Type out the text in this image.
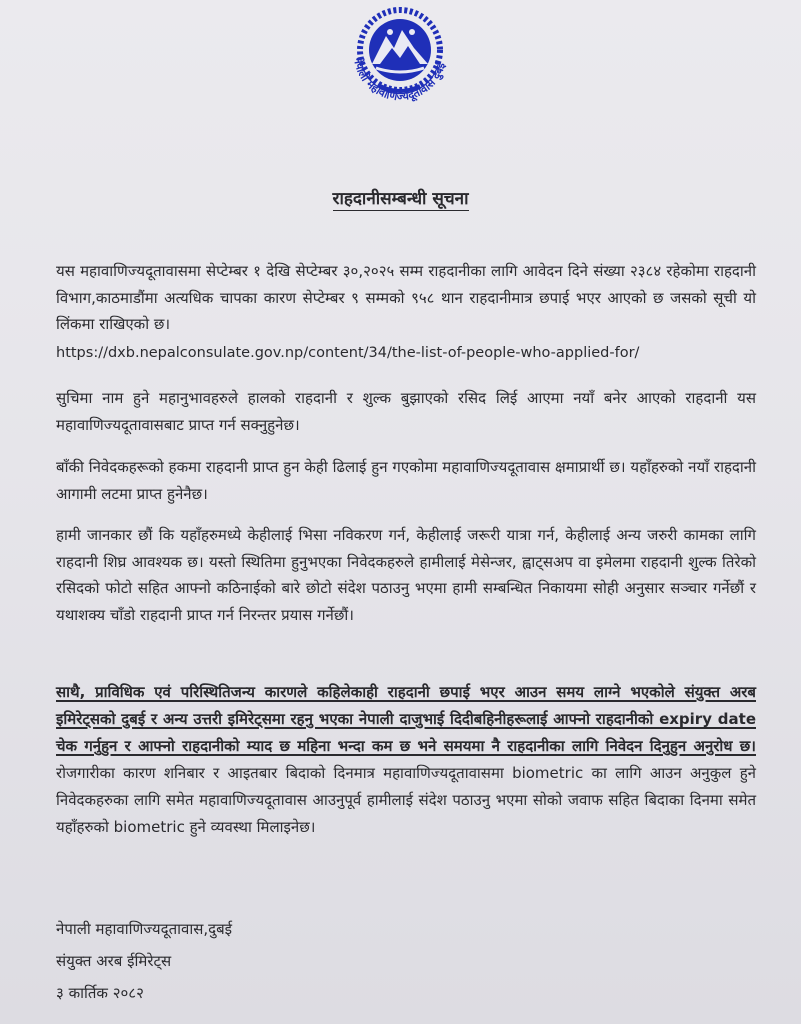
नेपाली महावाणिज्यदूतावास दुबई
राहदानीसम्बन्धी सूचना
यस महावाणिज्यदूतावासमा सेप्टेम्बर १ देखि सेप्टेम्बर ३०,२०२५ सम्म राहदानीका लागि आवेदन दिने संख्या २३८४ रहेकोमा राहदानी विभाग,काठमाडौंमा अत्यधिक चापका कारण सेप्टेम्बर ९ सम्मको ९५८ थान राहदानीमात्र छपाई भएर आएको छ जसको सूची यो लिंकमा राखिएको छ।
https://dxb.nepalconsulate.gov.np/content/34/the-list-of-people-who-applied-for/
सुचिमा नाम हुने महानुभावहरुले हालको राहदानी र शुल्क बुझाएको रसिद लिई आएमा नयाँ बनेर आएको राहदानी यस महावाणिज्यदूतावासबाट प्राप्त गर्न सक्नुहुनेछ।
बाँकी निवेदकहरूको हकमा राहदानी प्राप्त हुन केही ढिलाई हुन गएकोमा महावाणिज्यदूतावास क्षमाप्रार्थी छ। यहाँहरुको नयाँ राहदानी आगामी लटमा प्राप्त हुनेनैछ।
हामी जानकार छौं कि यहाँहरुमध्ये केहीलाई भिसा नविकरण गर्न, केहीलाई जरूरी यात्रा गर्न, केहीलाई अन्य जरुरी कामका लागि राहदानी शिघ्र आवश्यक छ। यस्तो स्थितिमा हुनुभएका निवेदकहरुले हामीलाई मेसेन्जर, ह्वाट्सअप वा इमेलमा राहदानी शुल्क तिरेको रसिदको फोटो सहित आफ्नो कठिनाईको बारे छोटो संदेश पठाउनु भएमा हामी सम्बन्धित निकायमा सोही अनुसार सञ्चार गर्नेछौं र यथाशक्य चाँडो राहदानी प्राप्त गर्न निरन्तर प्रयास गर्नेछौं।
साथै, प्राविधिक एवं परिस्थितिजन्य कारणले कहिलेकाही राहदानी छपाई भएर आउन समय लाग्ने भएकोले संयुक्त अरब इमिरेट्सको दुबई र अन्य उत्तरी इमिरेट्समा रहनु भएका नेपाली दाजुभाई दिदीबहिनीहरूलाई आफ्नो राहदानीको expiry date चेक गर्नुहुन र आफ्नो राहदानीको म्याद छ महिना भन्दा कम छ भने समयमा नै राहदानीका लागि निवेदन दिनुहुन अनुरोध छ। रोजगारीका कारण शनिबार र आइतबार बिदाको दिनमात्र महावाणिज्यदूतावासमा biometric का लागि आउन अनुकुल हुने निवेदकहरुका लागि समेत महावाणिज्यदूतावास आउनुपूर्व हामीलाई संदेश पठाउनु भएमा सोको जवाफ सहित बिदाका दिनमा समेत यहाँहरुको biometric हुने व्यवस्था मिलाइनेछ।
नेपाली महावाणिज्यदूतावास,दुबई
संयुक्त अरब ईमिरेट्स
३ कार्तिक २०८२
